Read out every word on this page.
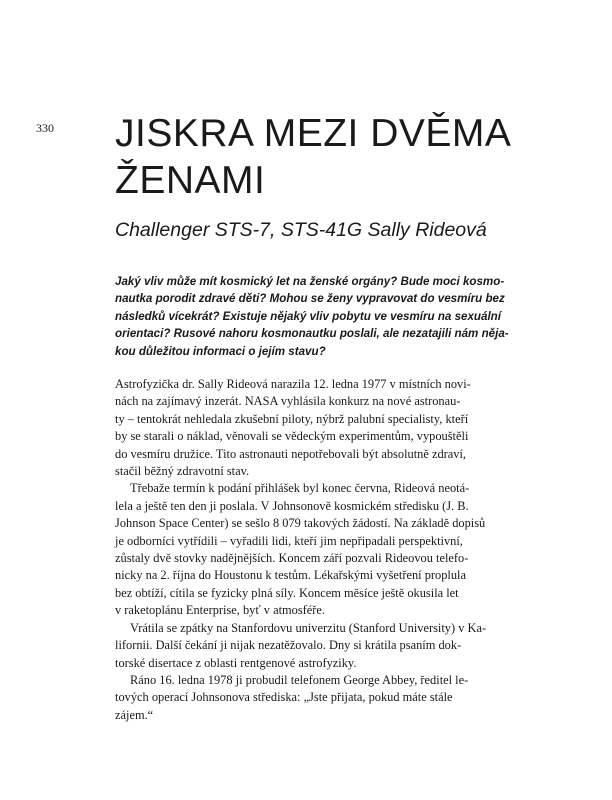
330 JISKRA MEZI DVĚMA
ŽENAMI
Challenger STS-7, STS-41G Sally Rideová
Jaký vliv může mít kosmický let na ženské orgány? Bude moci kosmo-
nautka porodit zdravé děti? Mohou se ženy vypravovat do vesmíru bez
následků vícekrát? Existuje nějaký vliv pobytu ve vesmíru na sexuální
orientaci? Rusové nahoru kosmonautku poslali, ale nezatajili nám něja-
kou důležitou informaci o jejím stavu?

Astrofyzička dr. Sally Rideová narazila 12. ledna 1977 v místních novi-
nách na zajímavý inzerát. NASA vyhlásila konkurz na nové astronau-
ty – tentokrát nehledala zkušební piloty, nýbrž palubní specialisty, kteří
by se starali o náklad, věnovali se vědeckým experimentům, vypouštěli
do vesmíru družice. Tito astronauti nepotřebovali být absolutně zdraví,
stačil běžný zdravotní stav.

Třebaže termín k podání přihlášek byl konec června, Rideová neotá-
lela a ještě ten den ji poslala. V Johnsonově kosmickém středisku (J. B.
Johnson Space Center) se sešlo 8 079 takových žádostí. Na základě dopisů
je odborníci vytřídili – vyřadili lidi, kteří jim nepřipadali perspektivní,
zůstaly dvě stovky nadějnějších. Koncem září pozvali Rideovou telefo-
nicky na 2. října do Houstonu k testům. Lékařskými vyšetření proplula
bez obtíží, cítila se fyzicky plná síly. Koncem měsíce ještě okusila let
v raketoplánu Enterprise, byť v atmosféře.

Vrátila se zpátky na Stanfordovu univerzitu (Stanford University) v Ka-
lifornii. Další čekání ji nijak nezatěžovalo. Dny si krátila psaním dok-
torské disertace z oblasti rentgenové astrofyziky.

Ráno 16. ledna 1978 ji probudil telefonem George Abbey, ředitel le-
tových operací Johnsonova střediska: „Jste přijata, pokud máte stále
zájem.“
